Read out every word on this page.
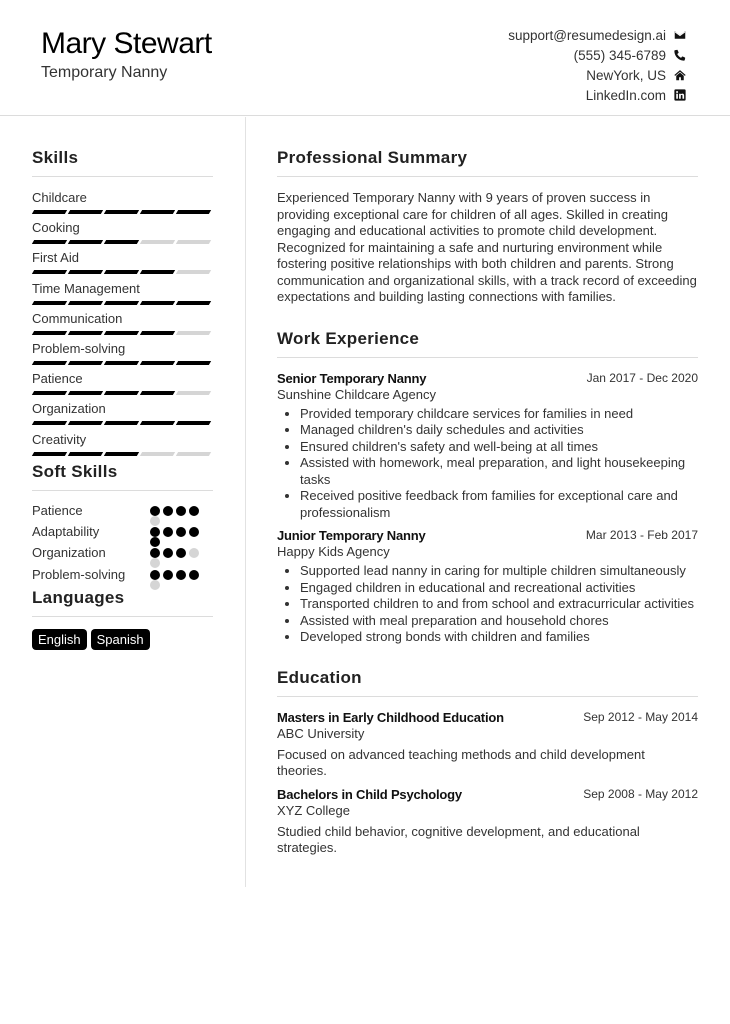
Mary Stewart
Temporary Nanny
support@resumedesign.ai
(555) 345-6789
NewYork, US
LinkedIn.com
Skills
Childcare
Cooking
First Aid
Time Management
Communication
Problem-solving
Patience
Organization
Creativity
Soft Skills
Patience
Adaptability
Organization
Problem-solving
Languages
English	Spanish
Professional Summary

Experienced Temporary Nanny with 9 years of proven success in providing exceptional care for children of all ages. Skilled in creating engaging and educational activities to promote child development. Recognized for maintaining a safe and nurturing environment while fostering positive relationships with both children and parents. Strong communication and organizational skills, with a track record of exceeding expectations and building lasting connections with families.

Work Experience
Senior Temporary Nanny	Jan 2017 - Dec 2020
Sunshine Childcare Agency
• Provided temporary childcare services for families in need
• Managed children's daily schedules and activities
• Ensured children's safety and well-being at all times
• Assisted with homework, meal preparation, and light housekeeping tasks
• Received positive feedback from families for exceptional care and professionalism
Junior Temporary Nanny	Mar 2013 - Feb 2017
Happy Kids Agency
• Supported lead nanny in caring for multiple children simultaneously
• Engaged children in educational and recreational activities
• Transported children to and from school and extracurricular activities
• Assisted with meal preparation and household chores
• Developed strong bonds with children and families
Education
Masters in Early Childhood Education	Sep 2012 - May 2014
ABC University
Focused on advanced teaching methods and child development theories.
Bachelors in Child Psychology	Sep 2008 - May 2012
XYZ College
Studied child behavior, cognitive development, and educational strategies.
